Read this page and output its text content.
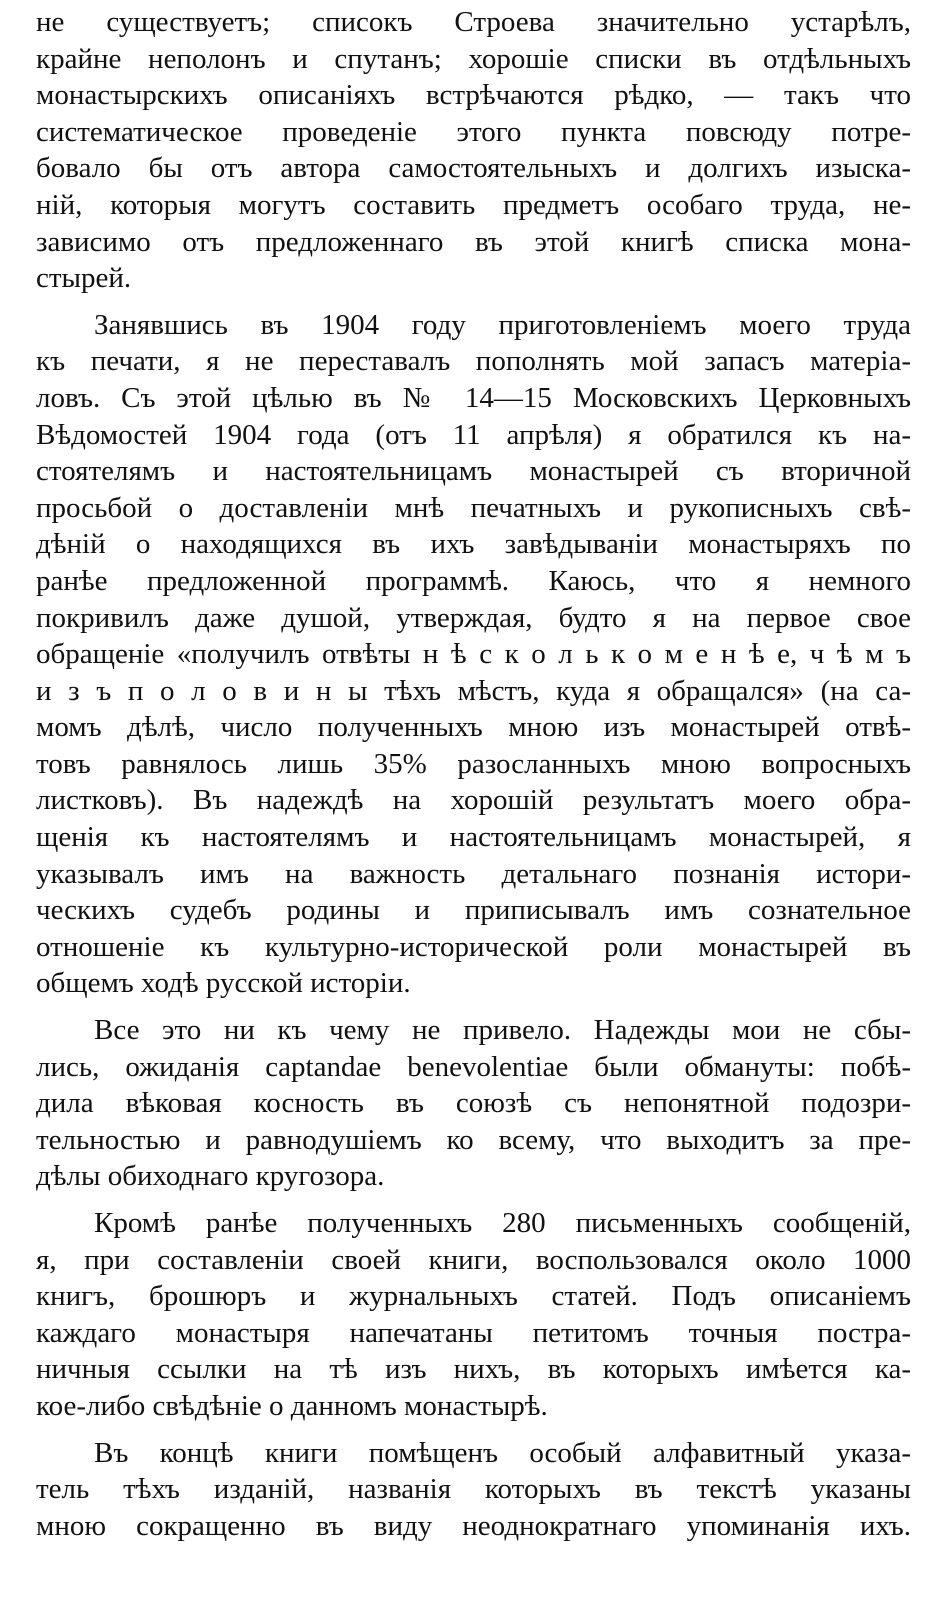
не существуетъ; списокъ Строева значительно устарѣлъ,
крайне неполонъ и спутанъ; хорошіе списки въ отдѣльныхъ
монастырскихъ описаніяхъ встрѣчаются рѣдко, — такъ что
систематическое проведеніе этого пункта повсюду потре-
бовало бы отъ автора самостоятельныхъ и долгихъ изыска-
ній, которыя могутъ составить предметъ особаго труда, не-
зависимо отъ предложеннаго въ этой книгѣ списка мона-
стырей.
Занявшись въ 1904 году приготовленіемъ моего труда
къ печати, я не переставалъ пополнять мой запасъ матеріа-
ловъ. Съ этой цѣлью въ № 14—15 Московскихъ Церковныхъ
Вѣдомостей 1904 года (отъ 11 апрѣля) я обратился къ на-
стоятелямъ и настоятельницамъ монастырей съ вторичной
просьбой о доставленіи мнѣ печатныхъ и рукописныхъ свѣ-
дѣній о находящихся въ ихъ завѣдываніи монастыряхъ по
ранѣе предложенной программѣ. Каюсь, что я немного
покривилъ даже душой, утверждая, будто я на первое свое
обращеніе «получилъ отвѣты н ѣ с к о л ь к о м е н ѣ е, ч ѣ м ъ
и з ъ п о л о в и н ы тѣхъ мѣстъ, куда я обращался» (на са-
момъ дѣлѣ, число полученныхъ мною изъ монастырей отвѣ-
товъ равнялось лишь 35% разосланныхъ мною вопросныхъ
листковъ). Въ надеждѣ на хорошій результатъ моего обра-
щенія къ настоятелямъ и настоятельницамъ монастырей, я
указывалъ имъ на важность детальнаго познанія истори-
ческихъ судебъ родины и приписывалъ имъ сознательное
отношеніе къ культурно-исторической роли монастырей въ
общемъ ходѣ русской исторіи.
Все это ни къ чему не привело. Надежды мои не сбы-
лись, ожиданія captandae benevolentiae были обмануты: побѣ-
дила вѣковая косность въ союзѣ съ непонятной подозри-
тельностью и равнодушіемъ ко всему, что выходитъ за пре-
дѣлы обиходнаго кругозора.
Кромѣ ранѣе полученныхъ 280 письменныхъ сообщеній,
я, при составленіи своей книги, воспользовался около 1000
книгъ, брошюръ и журнальныхъ статей. Подъ описаніемъ
каждаго монастыря напечатаны петитомъ точныя постра-
ничныя ссылки на тѣ изъ нихъ, въ которыхъ имѣется ка-
кое-либо свѣдѣніе о данномъ монастырѣ.
Въ концѣ книги помѣщенъ особый алфавитный указа-
тель тѣхъ изданій, названія которыхъ въ текстѣ указаны
мною сокращенно въ виду неоднократнаго упоминанія ихъ.
